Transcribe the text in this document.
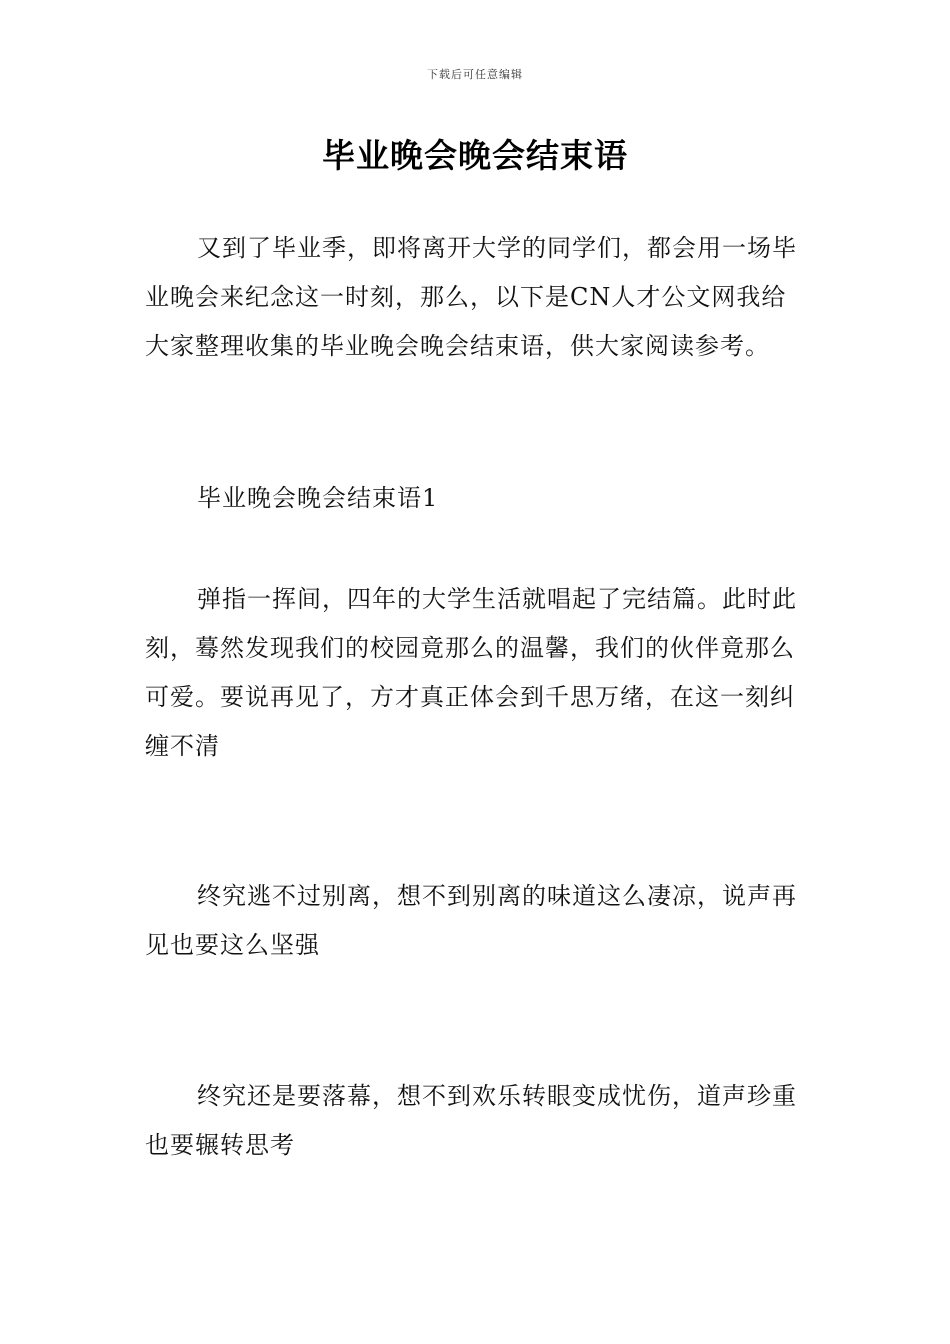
下载后可任意编辑
毕业晚会晚会结束语

又到了毕业季，即将离开大学的同学们，都会用一场毕业晚会来纪念这一时刻，那么，以下是CN人才公文网我给大家整理收集的毕业晚会晚会结束语，供大家阅读参考。

毕业晚会晚会结束语1

弹指一挥间，四年的大学生活就唱起了完结篇。此时此刻，蓦然发现我们的校园竟那么的温馨，我们的伙伴竟那么可爱。要说再见了，方才真正体会到千思万绪，在这一刻纠缠不清

终究逃不过别离，想不到别离的味道这么凄凉，说声再见也要这么坚强

终究还是要落幕，想不到欢乐转眼变成忧伤，道声珍重也要辗转思考
